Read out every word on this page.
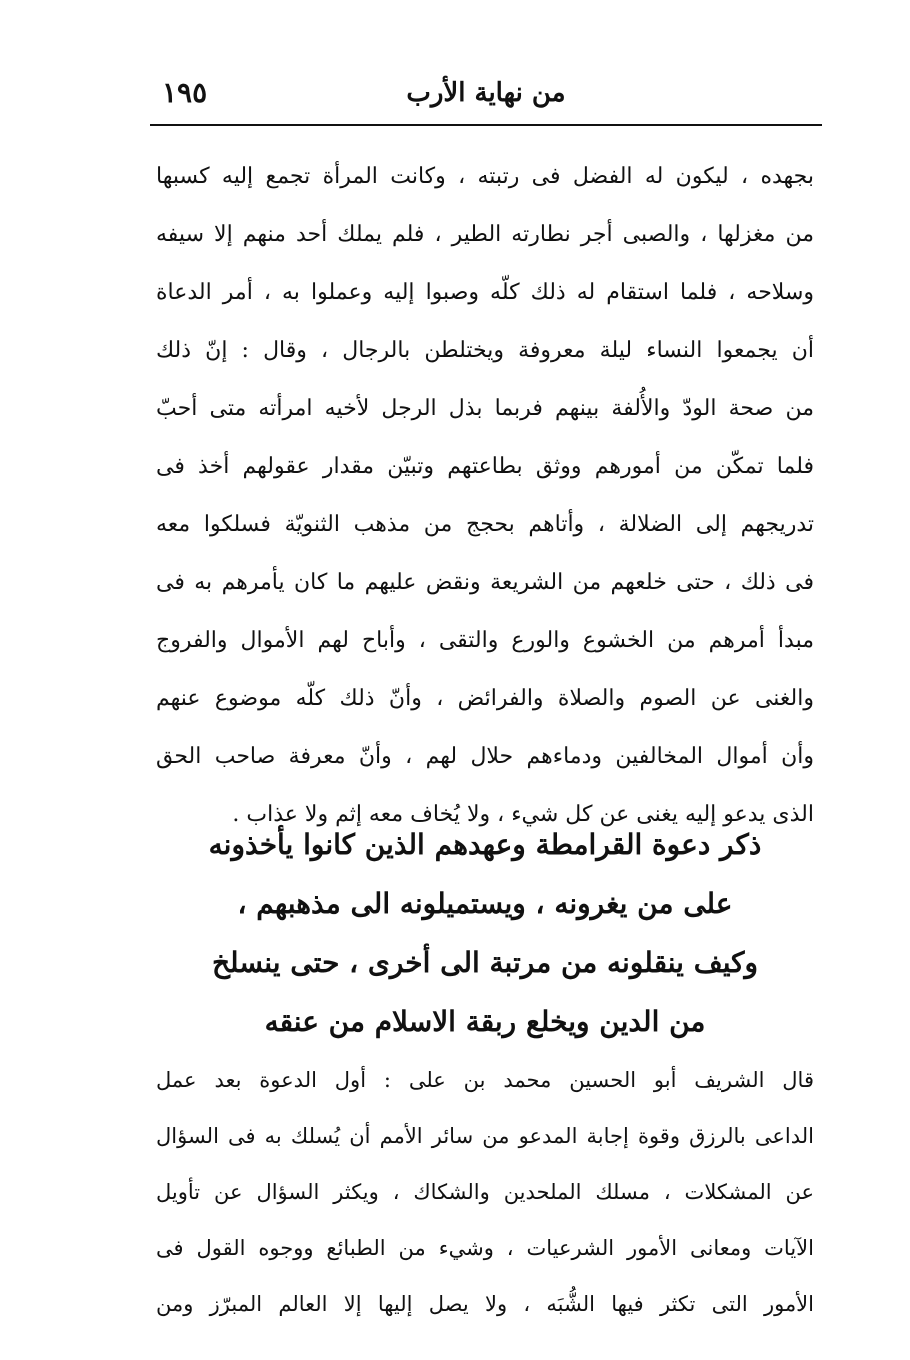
١٩٥	من نهاية الأرب
بجهده ، ليكون له الفضل فى رتبته ، وكانت المرأة تجمع إليه كسبها
من مغزلها ، والصبى أجر نطارته الطير ، فلم يملك أحد منهم إلا سيفه
وسلاحه ، فلما استقام له ذلك كلّه وصبوا إليه وعملوا به ، أمر الدعاة
أن يجمعوا النساء ليلة معروفة ويختلطن بالرجال ، وقال : إنّ ذلك
من صحة الودّ والأُلفة بينهم فربما بذل الرجل لأخيه امرأته متى أحبّ
فلما تمكّن من أمورهم ووثق بطاعتهم وتبيّن مقدار عقولهم أخذ فى
تدريجهم إلى الضلالة ، وأتاهم بحجج من مذهب الثنويّة فسلكوا معه
فى ذلك ، حتى خلعهم من الشريعة ونقض عليهم ما كان يأمرهم به فى
مبدأ أمرهم من الخشوع والورع والتقى ، وأباح لهم الأموال والفروج
والغنى عن الصوم والصلاة والفرائض ، وأنّ ذلك كلّه موضوع عنهم
وأن أموال المخالفين ودماءهم حلال لهم ، وأنّ معرفة صاحب الحق
الذى يدعو إليه يغنى عن كل شيء ، ولا يُخاف معه إثم ولا عذاب .
ذكر دعوة القرامطة وعهدهم الذين كانوا يأخذونه
على من يغرونه ، ويستميلونه الى مذهبهم ،
وكيف ينقلونه من مرتبة الى أخرى ، حتى ينسلخ
من الدين ويخلع ربقة الاسلام من عنقه
قال الشريف أبو الحسين محمد بن على : أول الدعوة بعد عمل
الداعى بالرزق وقوة إجابة المدعو من سائر الأمم أن يُسلك به فى السؤال
عن المشكلات ، مسلك الملحدين والشكاك ، ويكثر السؤال عن تأويل
الآيات ومعانى الأمور الشرعيات ، وشيء من الطبائع ووجوه القول فى
الأمور التى تكثر فيها الشُّبَه ، ولا يصل إليها إلا العالم المبرّز ومن
